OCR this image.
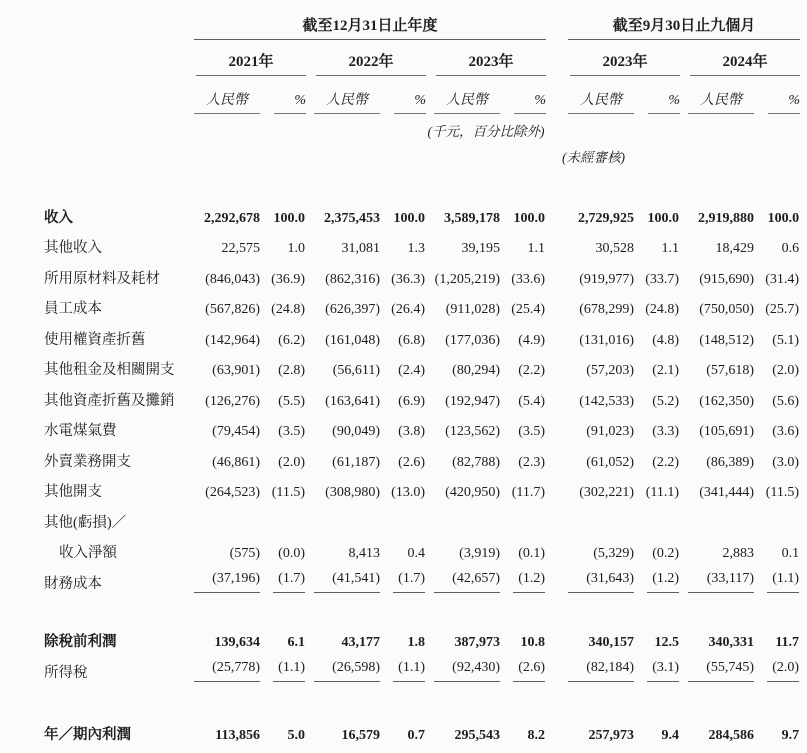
	截至12月31日止年度							截至9月30日止九個月			

	2021年		2022年		2023年			2023年		2024年	

	人民幣	%	人民幣	%	人民幣	%		人民幣	%	人民幣	%

					(千元，百分比除外)						
								(未經審核)			

收入	2,292,678	100.0	2,375,453	100.0	3,589,178	100.0		2,729,925	100.0	2,919,880	100.0
其他收入	22,575	1.0	31,081	1.3	39,195	1.1		30,528	1.1	18,429	0.6
所用原材料及耗材	(846,043)	(36.9)	(862,316)	(36.3)	(1,205,219)	(33.6)		(919,977)	(33.7)	(915,690)	(31.4)
員工成本	(567,826)	(24.8)	(626,397)	(26.4)	(911,028)	(25.4)		(678,299)	(24.8)	(750,050)	(25.7)
使用權資產折舊	(142,964)	(6.2)	(161,048)	(6.8)	(177,036)	(4.9)		(131,016)	(4.8)	(148,512)	(5.1)
其他租金及相關開支	(63,901)	(2.8)	(56,611)	(2.4)	(80,294)	(2.2)		(57,203)	(2.1)	(57,618)	(2.0)
其他資產折舊及攤銷	(126,276)	(5.5)	(163,641)	(6.9)	(192,947)	(5.4)		(142,533)	(5.2)	(162,350)	(5.6)
水電煤氣費	(79,454)	(3.5)	(90,049)	(3.8)	(123,562)	(3.5)		(91,023)	(3.3)	(105,691)	(3.6)
外賣業務開支	(46,861)	(2.0)	(61,187)	(2.6)	(82,788)	(2.3)		(61,052)	(2.2)	(86,389)	(3.0)
其他開支	(264,523)	(11.5)	(308,980)	(13.0)	(420,950)	(11.7)		(302,221)	(11.1)	(341,444)	(11.5)
其他(虧損)／											
收入淨額	(575)	(0.0)	8,413	0.4	(3,919)	(0.1)		(5,329)	(0.2)	2,883	0.1
財務成本	(37,196)	(1.7)	(41,541)	(1.7)	(42,657)	(1.2)		(31,643)	(1.2)	(33,117)	(1.1)

除稅前利潤	139,634	6.1	43,177	1.8	387,973	10.8		340,157	12.5	340,331	11.7
所得稅	(25,778)	(1.1)	(26,598)	(1.1)	(92,430)	(2.6)		(82,184)	(3.1)	(55,745)	(2.0)

年／期內利潤	113,856	5.0	16,579	0.7	295,543	8.2		257,973	9.4	284,586	9.7
